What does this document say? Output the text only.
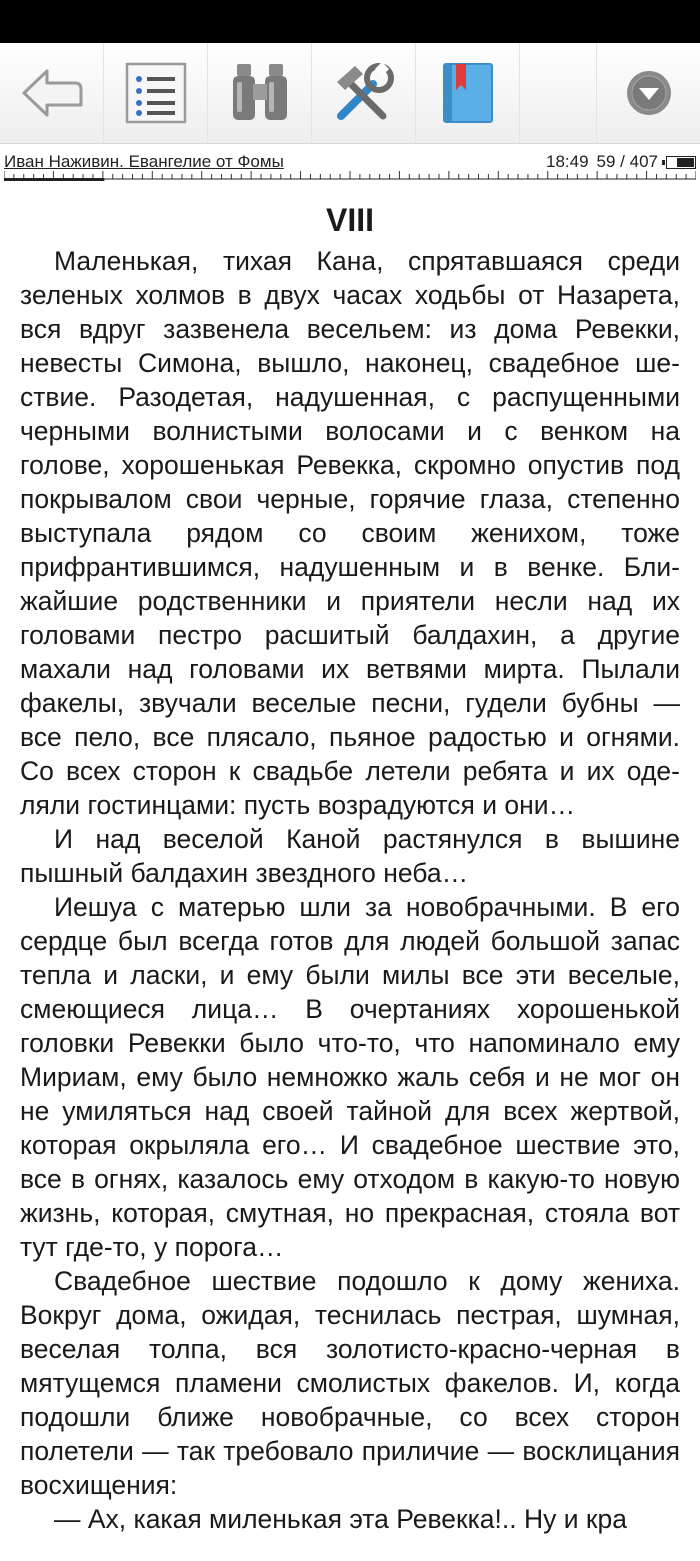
Иван Наживин. Евангелие от Фомы	18:49 59 / 407
VIII

Маленькая, тихая Кана, спрятавшаяся среди зеленых холмов в двух часах ходьбы от Назарета, вся вдруг зазвенела весельем: из дома Ревекки, невесты Симона, вышло, наконец, свадебное шествие. Разодетая, надушенная, с распущенными черными волнистыми волосами и с венком на голове, хорошенькая Ревекка, скромно опустив под покрывалом свои черные, горячие глаза, степенно выступала рядом со своим женихом, тоже прифрантившимся, надушенным и в венке. Ближайшие родственники и приятели несли над их головами пестро расшитый балдахин, а другие махали над головами их ветвями мирта. Пылали факелы, звучали веселые песни, гудели бубны — все пело, все плясало, пьяное радостью и огнями. Со всех сторон к свадьбе летели ребята и их оделяли гостинцами: пусть возрадуются и они…

И над веселой Каной растянулся в вышине пышный балдахин звездного неба…

Иешуа с матерью шли за новобрачными. В его сердце был всегда готов для людей большой запас тепла и ласки, и ему были милы все эти веселые, смеющиеся лица… В очертаниях хорошенькой головки Ревекки было что-то, что напоминало ему Мириам, ему было немножко жаль себя и не мог он не умиляться над своей тайной для всех жертвой, которая окрыляла его… И свадебное шествие это, все в огнях, казалось ему отходом в какую-то новую жизнь, которая, смутная, но прекрасная, стояла вот тут где-то, у порога…

Свадебное шествие подошло к дому жениха. Вокруг дома, ожидая, теснилась пестрая, шумная, веселая толпа, вся золотисто-красно-черная в мятущемся пламени смолистых факелов. И, когда подошли ближе новобрачные, со всех сторон полетели — так требовало приличие — восклицания восхищения:

— Ах, какая миленькая эта Ревекка!.. Ну и кра
